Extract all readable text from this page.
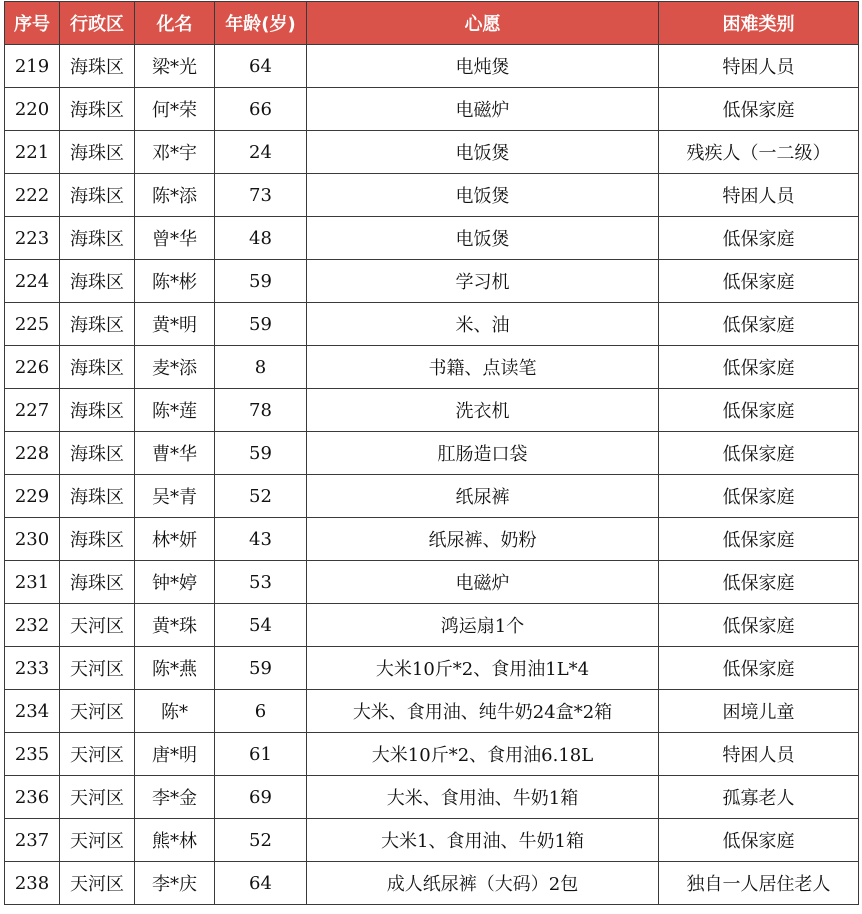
序号	行政区	化名	年龄(岁)	心愿	困难类别
219	海珠区	梁*光	64	电炖煲	特困人员
220	海珠区	何*荣	66	电磁炉	低保家庭
221	海珠区	邓*宇	24	电饭煲	残疾人（一二级）
222	海珠区	陈*添	73	电饭煲	特困人员
223	海珠区	曾*华	48	电饭煲	低保家庭
224	海珠区	陈*彬	59	学习机	低保家庭
225	海珠区	黄*明	59	米、油	低保家庭
226	海珠区	麦*添	8	书籍、点读笔	低保家庭
227	海珠区	陈*莲	78	洗衣机	低保家庭
228	海珠区	曹*华	59	肛肠造口袋	低保家庭
229	海珠区	吴*青	52	纸尿裤	低保家庭
230	海珠区	林*妍	43	纸尿裤、奶粉	低保家庭
231	海珠区	钟*婷	53	电磁炉	低保家庭
232	天河区	黄*珠	54	鸿运扇1个	低保家庭
233	天河区	陈*燕	59	大米10斤*2、食用油1L*4	低保家庭
234	天河区	陈*	6	大米、食用油、纯牛奶24盒*2箱	困境儿童
235	天河区	唐*明	61	大米10斤*2、食用油6.18L	特困人员
236	天河区	李*金	69	大米、食用油、牛奶1箱	孤寡老人
237	天河区	熊*林	52	大米1、食用油、牛奶1箱	低保家庭
238	天河区	李*庆	64	成人纸尿裤（大码）2包	独自一人居住老人
